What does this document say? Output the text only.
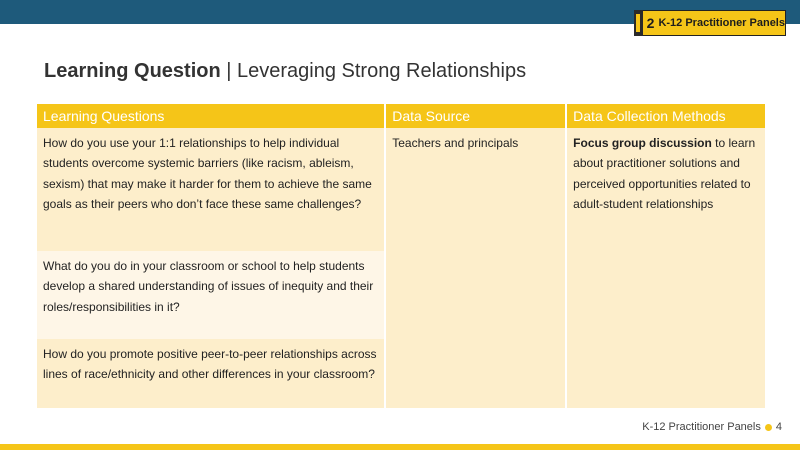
2 K-12 Practitioner Panels
Learning Question | Leveraging Strong Relationships
Learning Questions	Data Source	Data Collection Methods
How do you use your 1:1 relationships to help individual students overcome systemic barriers (like racism, ableism, sexism) that may make it harder for them to achieve the same goals as their peers who don’t face these same challenges?	Teachers and principals	Focus group discussion to learn about practitioner solutions and perceived opportunities related to adult-student relationships
What do you do in your classroom or school to help students develop a shared understanding of issues of inequity and their roles/responsibilities in it?		
How do you promote positive peer-to-peer relationships across lines of race/ethnicity and other differences in your classroom?		
K-12 Practitioner Panels 4
